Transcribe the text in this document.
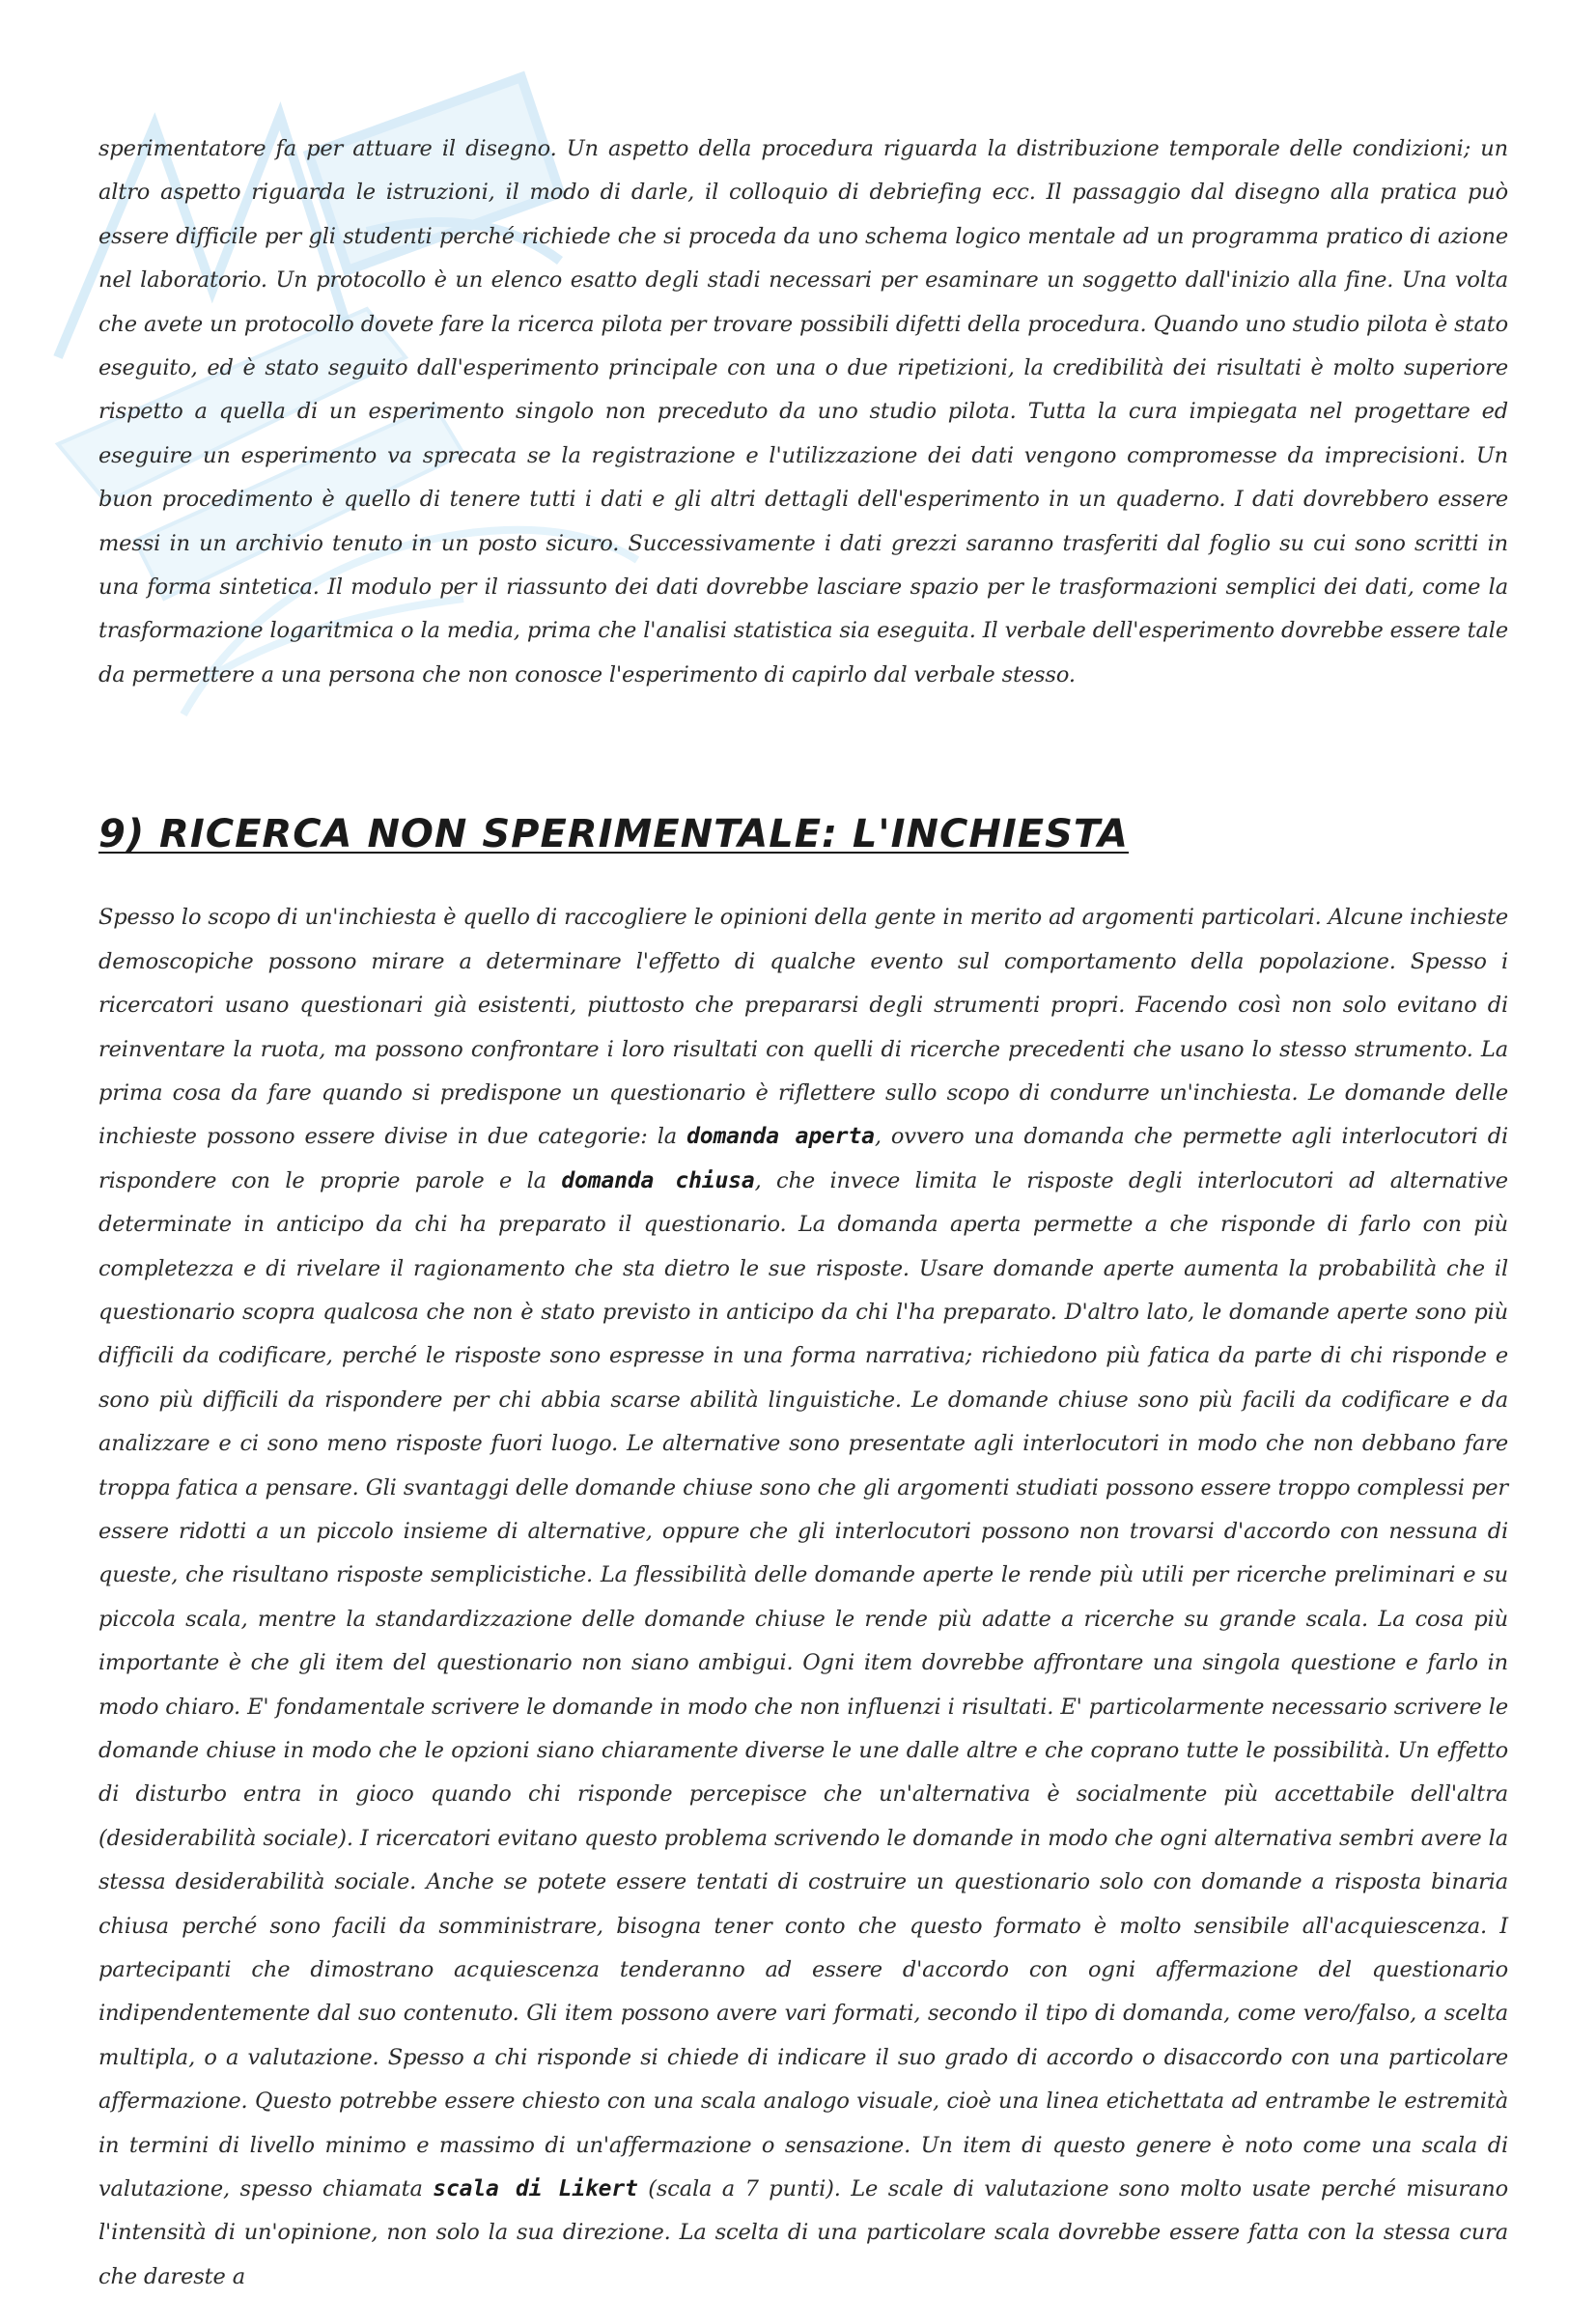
sperimentatore fa per attuare il disegno. Un aspetto della procedura riguarda la distribuzione temporale delle condizioni; un altro aspetto riguarda le istruzioni, il modo di darle, il colloquio di debriefing ecc. Il passaggio dal disegno alla pratica può essere difficile per gli studenti perché richiede che si proceda da uno schema logico mentale ad un programma pratico di azione nel laboratorio. Un protocollo è un elenco esatto degli stadi necessari per esaminare un soggetto dall'inizio alla fine. Una volta che avete un protocollo dovete fare la ricerca pilota per trovare possibili difetti della procedura. Quando uno studio pilota è stato eseguito, ed è stato seguito dall'esperimento principale con una o due ripetizioni, la credibilità dei risultati è molto superiore rispetto a quella di un esperimento singolo non preceduto da uno studio pilota. Tutta la cura impiegata nel progettare ed eseguire un esperimento va sprecata se la registrazione e l'utilizzazione dei dati vengono compromesse da imprecisioni. Un buon procedimento è quello di tenere tutti i dati e gli altri dettagli dell'esperimento in un quaderno. I dati dovrebbero essere messi in un archivio tenuto in un posto sicuro. Successivamente i dati grezzi saranno trasferiti dal foglio su cui sono scritti in una forma sintetica. Il modulo per il riassunto dei dati dovrebbe lasciare spazio per le trasformazioni semplici dei dati, come la trasformazione logaritmica o la media, prima che l'analisi statistica sia eseguita. Il verbale dell'esperimento dovrebbe essere tale da permettere a una persona che non conosce l'esperimento di capirlo dal verbale stesso.

9) RICERCA NON SPERIMENTALE: L'INCHIESTA

Spesso lo scopo di un'inchiesta è quello di raccogliere le opinioni della gente in merito ad argomenti particolari. Alcune inchieste demoscopiche possono mirare a determinare l'effetto di qualche evento sul comportamento della popolazione. Spesso i ricercatori usano questionari già esistenti, piuttosto che prepararsi degli strumenti propri. Facendo così non solo evitano di reinventare la ruota, ma possono confrontare i loro risultati con quelli di ricerche precedenti che usano lo stesso strumento. La prima cosa da fare quando si predispone un questionario è riflettere sullo scopo di condurre un'inchiesta. Le domande delle inchieste possono essere divise in due categorie: la domanda aperta, ovvero una domanda che permette agli interlocutori di rispondere con le proprie parole e la domanda chiusa, che invece limita le risposte degli interlocutori ad alternative determinate in anticipo da chi ha preparato il questionario. La domanda aperta permette a che risponde di farlo con più completezza e di rivelare il ragionamento che sta dietro le sue risposte. Usare domande aperte aumenta la probabilità che il questionario scopra qualcosa che non è stato previsto in anticipo da chi l'ha preparato. D'altro lato, le domande aperte sono più difficili da codificare, perché le risposte sono espresse in una forma narrativa; richiedono più fatica da parte di chi risponde e sono più difficili da rispondere per chi abbia scarse abilità linguistiche. Le domande chiuse sono più facili da codificare e da analizzare e ci sono meno risposte fuori luogo. Le alternative sono presentate agli interlocutori in modo che non debbano fare troppa fatica a pensare. Gli svantaggi delle domande chiuse sono che gli argomenti studiati possono essere troppo complessi per essere ridotti a un piccolo insieme di alternative, oppure che gli interlocutori possono non trovarsi d'accordo con nessuna di queste, che risultano risposte semplicistiche. La flessibilità delle domande aperte le rende più utili per ricerche preliminari e su piccola scala, mentre la standardizzazione delle domande chiuse le rende più adatte a ricerche su grande scala. La cosa più importante è che gli item del questionario non siano ambigui. Ogni item dovrebbe affrontare una singola questione e farlo in modo chiaro. E' fondamentale scrivere le domande in modo che non influenzi i risultati. E' particolarmente necessario scrivere le domande chiuse in modo che le opzioni siano chiaramente diverse le une dalle altre e che coprano tutte le possibilità. Un effetto di disturbo entra in gioco quando chi risponde percepisce che un'alternativa è socialmente più accettabile dell'altra (desiderabilità sociale). I ricercatori evitano questo problema scrivendo le domande in modo che ogni alternativa sembri avere la stessa desiderabilità sociale. Anche se potete essere tentati di costruire un questionario solo con domande a risposta binaria chiusa perché sono facili da somministrare, bisogna tener conto che questo formato è molto sensibile all'acquiescenza. I partecipanti che dimostrano acquiescenza tenderanno ad essere d'accordo con ogni affermazione del questionario indipendentemente dal suo contenuto. Gli item possono avere vari formati, secondo il tipo di domanda, come vero/falso, a scelta multipla, o a valutazione. Spesso a chi risponde si chiede di indicare il suo grado di accordo o disaccordo con una particolare affermazione. Questo potrebbe essere chiesto con una scala analogo visuale, cioè una linea etichettata ad entrambe le estremità in termini di livello minimo e massimo di un'affermazione o sensazione. Un item di questo genere è noto come una scala di valutazione, spesso chiamata scala di Likert (scala a 7 punti). Le scale di valutazione sono molto usate perché misurano l'intensità di un'opinione, non solo la sua direzione. La scelta di una particolare scala dovrebbe essere fatta con la stessa cura che dareste a
